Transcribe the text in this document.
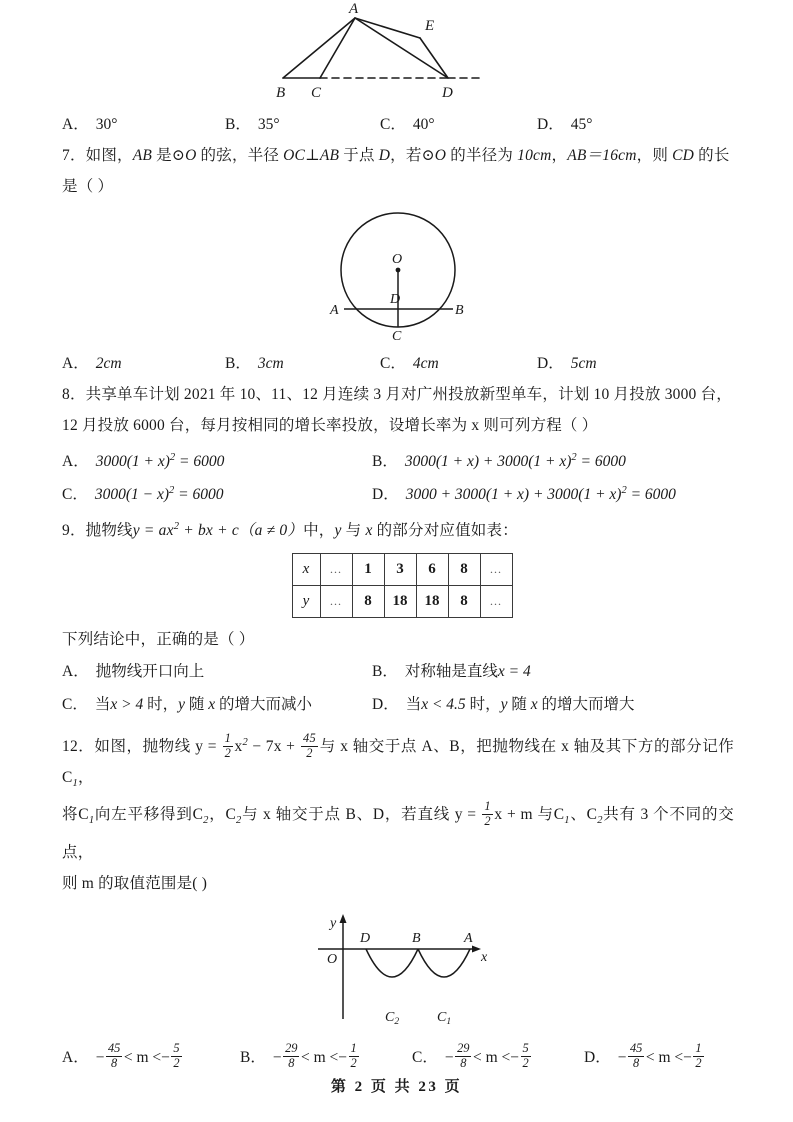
A
B C	D
E
A． 30°	B． 35°	C． 40°	D． 45°
7．如图，AB 是⊙O 的弦，半径 OC⊥AB 于点 D，若⊙O 的半径为 10cm，AB＝16cm，则 CD 的长
是（ ）
O
D
A	B
C
A． 2cm	B． 3cm	C． 4cm	D． 5cm
8．共享单车计划 2021 年 10、11、12 月连续 3 月对广州投放新型单车，计划 10 月投放 3000 台，
12 月投放 6000 台，每月按相同的增长率投放，设增长率为 x 则可列方程（ ）
A． $3000(1 + x)^2 = 6000$	B． $3000(1 + x) + 3000(1 + x)^2 = 6000$
C． $3000(1 - x)^2 = 6000$	D． $3000 + 3000(1 + x) + 3000(1 + x)^2 = 6000$
9．抛物线$y = ax^2$ + bx + c（a ≠ 0）中，y 与 x 的部分对应值如表：
x	…	1	3	6	8	…
y	…	8	18	18	8	…
下列结论中，正确的是（ ）
A． 抛物线开口向上	B． 对称轴是直线x = 4
C． 当x > 4 时，y 随 x 的增大而减小	D． 当x < 4.5 时，y 随 x 的增大而增大
12．如图，抛物线 $y = \frac{1}{2} x^2 - 7x + \frac{45}{2}$ 与 x 轴交于点 A、B，把抛物线在 x 轴及其下方的部分记作$C_1$，
将$C_1$向左平移得到$C_2$，$C_2$与 x 轴交于点 B、D，若直线 $y = \frac{1}{2}$ x + m 与$C_1$、$C_2$共有 3 个不同的交点，
则 m 的取值范围是( )
y
x
O
D	B	A
$C_2$	$C_1$
A． − $\frac{45}{8} < m <- \frac{5}{2}$	B． − $\frac{29}{8} < m <- \frac{1}{2}$	C． − $\frac{29}{8} < m <- \frac{5}{2}$	D． − $\frac{45}{8} < m <- \frac{1}{2}$
第 2 页 共 23 页
